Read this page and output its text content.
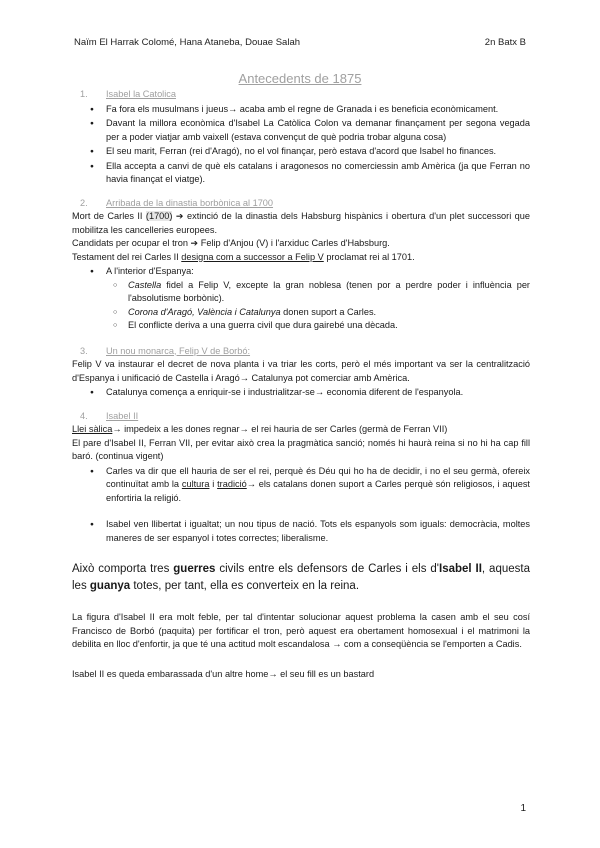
Naïm El Harrak Colomé, Hana Ataneba, Douae Salah	2n Batx B
Antecedents de 1875
1. Isabel la Catolica
● Fa fora els musulmans i jueus→ acaba amb el regne de Granada i es beneficia econòmicament.
● Davant la millora econòmica d'Isabel La Catòlica Colon va demanar finançament per segona vegada per a poder viatjar amb vaixell (estava convençut de què podria trobar alguna cosa)
● El seu marit, Ferran (rei d'Aragó), no el vol finançar, però estava d'acord que Isabel ho finances.
● Ella accepta a canvi de què els catalans i aragonesos no comerciessin amb Amèrica (ja que Ferran no havia finançat el viatge).
2. Arribada de la dinastia borbònica al 1700
Mort de Carles II (1700) ➔ extinció de la dinastia dels Habsburg hispànics i obertura d'un plet successori que mobilitza les cancelleries europees.
Candidats per ocupar el tron ➔ Felip d'Anjou (V) i l'arxiduc Carles d'Habsburg.
Testament del rei Carles II designa com a successor a Felip V proclamat rei al 1701.
● A l'interior d'Espanya:
○ Castella fidel a Felip V, excepte la gran noblesa (tenen por a perdre poder i influència per l'absolutisme borbònic).
○ Corona d'Aragó, València i Catalunya donen suport a Carles.
○ El conflicte deriva a una guerra civil que dura gairebé una dècada.
3. Un nou monarca, Felip V de Borbó:
Felip V va instaurar el decret de nova planta i va triar les corts, però el més important va ser la centralització d'Espanya i unificació de Castella i Aragó→ Catalunya pot comerciar amb Amèrica.
● Catalunya comença a enriquir-se i industrialitzar-se→ economia diferent de l'espanyola.
4. Isabel II
Llei sàlica→ impedeix a les dones regnar→ el rei hauria de ser Carles (germà de Ferran VII)
El pare d'Isabel II, Ferran VII, per evitar això crea la pragmàtica sanció; només hi haurà reina si no hi ha cap fill baró. (continua vigent)
● Carles va dir que ell hauria de ser el rei, perquè és Déu qui ho ha de decidir, i no el seu germà, ofereix continuïtat amb la cultura i tradició→ els catalans donen suport a Carles perquè són religiosos, i aquest enfortiria la religió.
● Isabel ven llibertat i igualtat; un nou tipus de nació. Tots els espanyols som iguals: democràcia, moltes maneres de ser espanyol i totes correctes; liberalisme.
Això comporta tres guerres civils entre els defensors de Carles i els d'Isabel II, aquesta les guanya totes, per tant, ella es converteix en la reina.
La figura d'Isabel II era molt feble, per tal d'intentar solucionar aquest problema la casen amb el seu cosí Francisco de Borbó (paquita) per fortificar el tron, però aquest era obertament homosexual i el matrimoni la debilita en lloc d'enfortir, ja que té una actitud molt escandalosa → com a conseqüència se l'emporten a Cadis.
Isabel II es queda embarassada d'un altre home→ el seu fill es un bastard
1
